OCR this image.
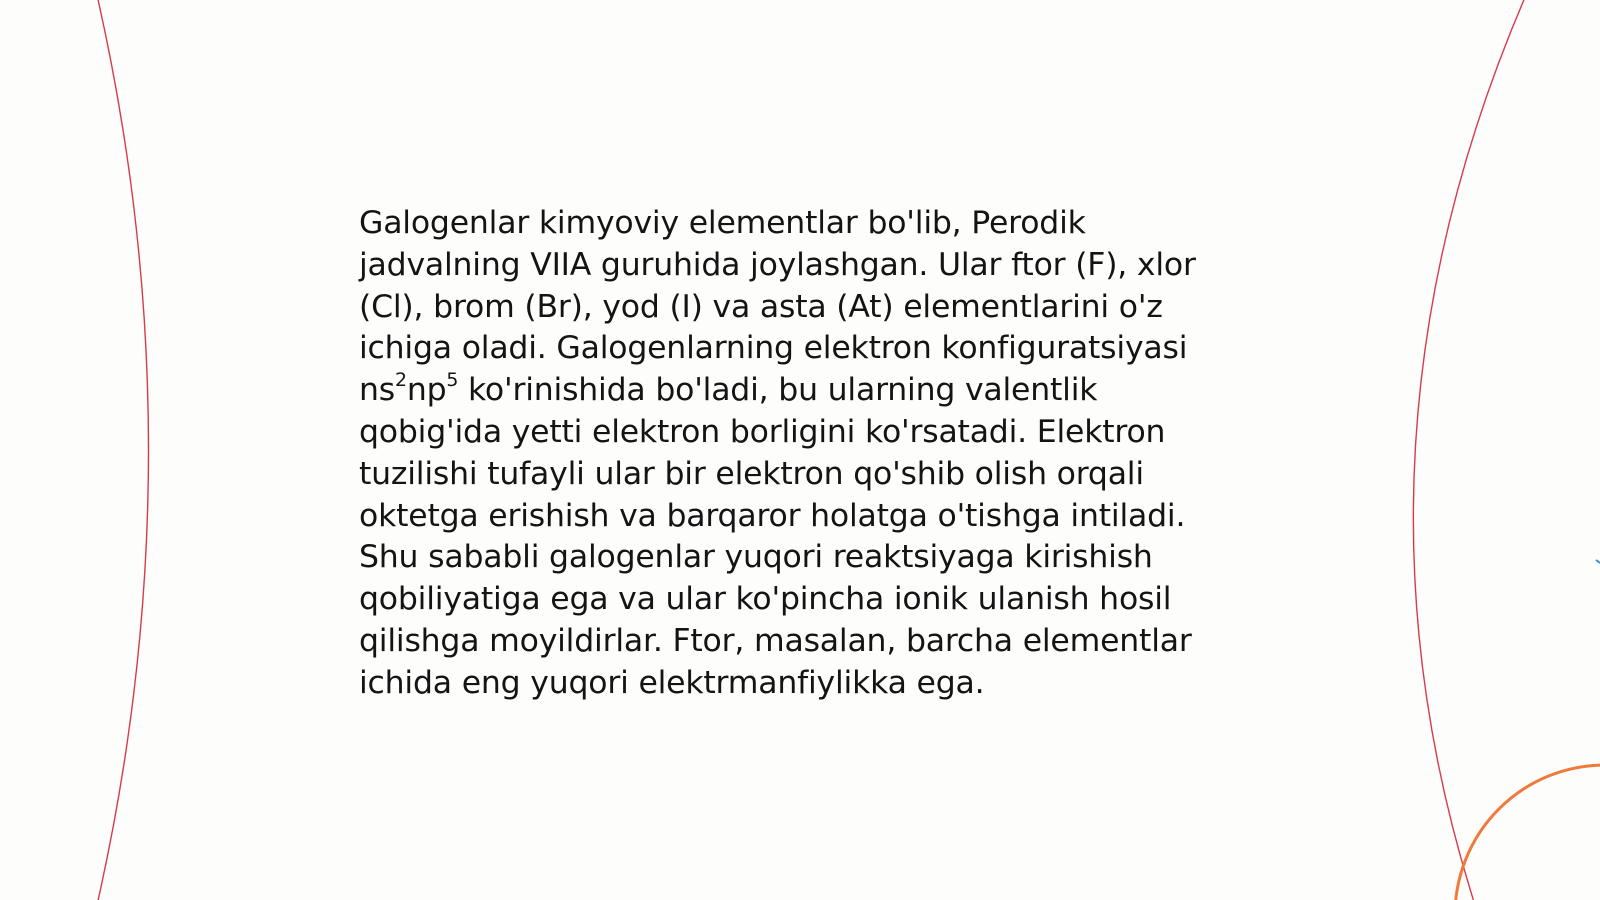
Galogenlar kimyoviy elementlar bo'lib, Perodik
jadvalning VIIA guruhida joylashgan. Ular ftor (F), xlor
(Cl), brom (Br), yod (I) va asta (At) elementlarini o'z
ichiga oladi. Galogenlarning elektron konfiguratsiyasi
$ns^2np^5$ ko'rinishida bo'ladi, bu ularning valentlik
qobig'ida yetti elektron borligini ko'rsatadi. Elektron
tuzilishi tufayli ular bir elektron qo'shib olish orqali
oktetga erishish va barqaror holatga o'tishga intiladi.
Shu sababli galogenlar yuqori reaktsiyaga kirishish
qobiliyatiga ega va ular ko'pincha ionik ulanish hosil
qilishga moyildirlar. Ftor, masalan, barcha elementlar
ichida eng yuqori elektrmanfiylikka ega.
